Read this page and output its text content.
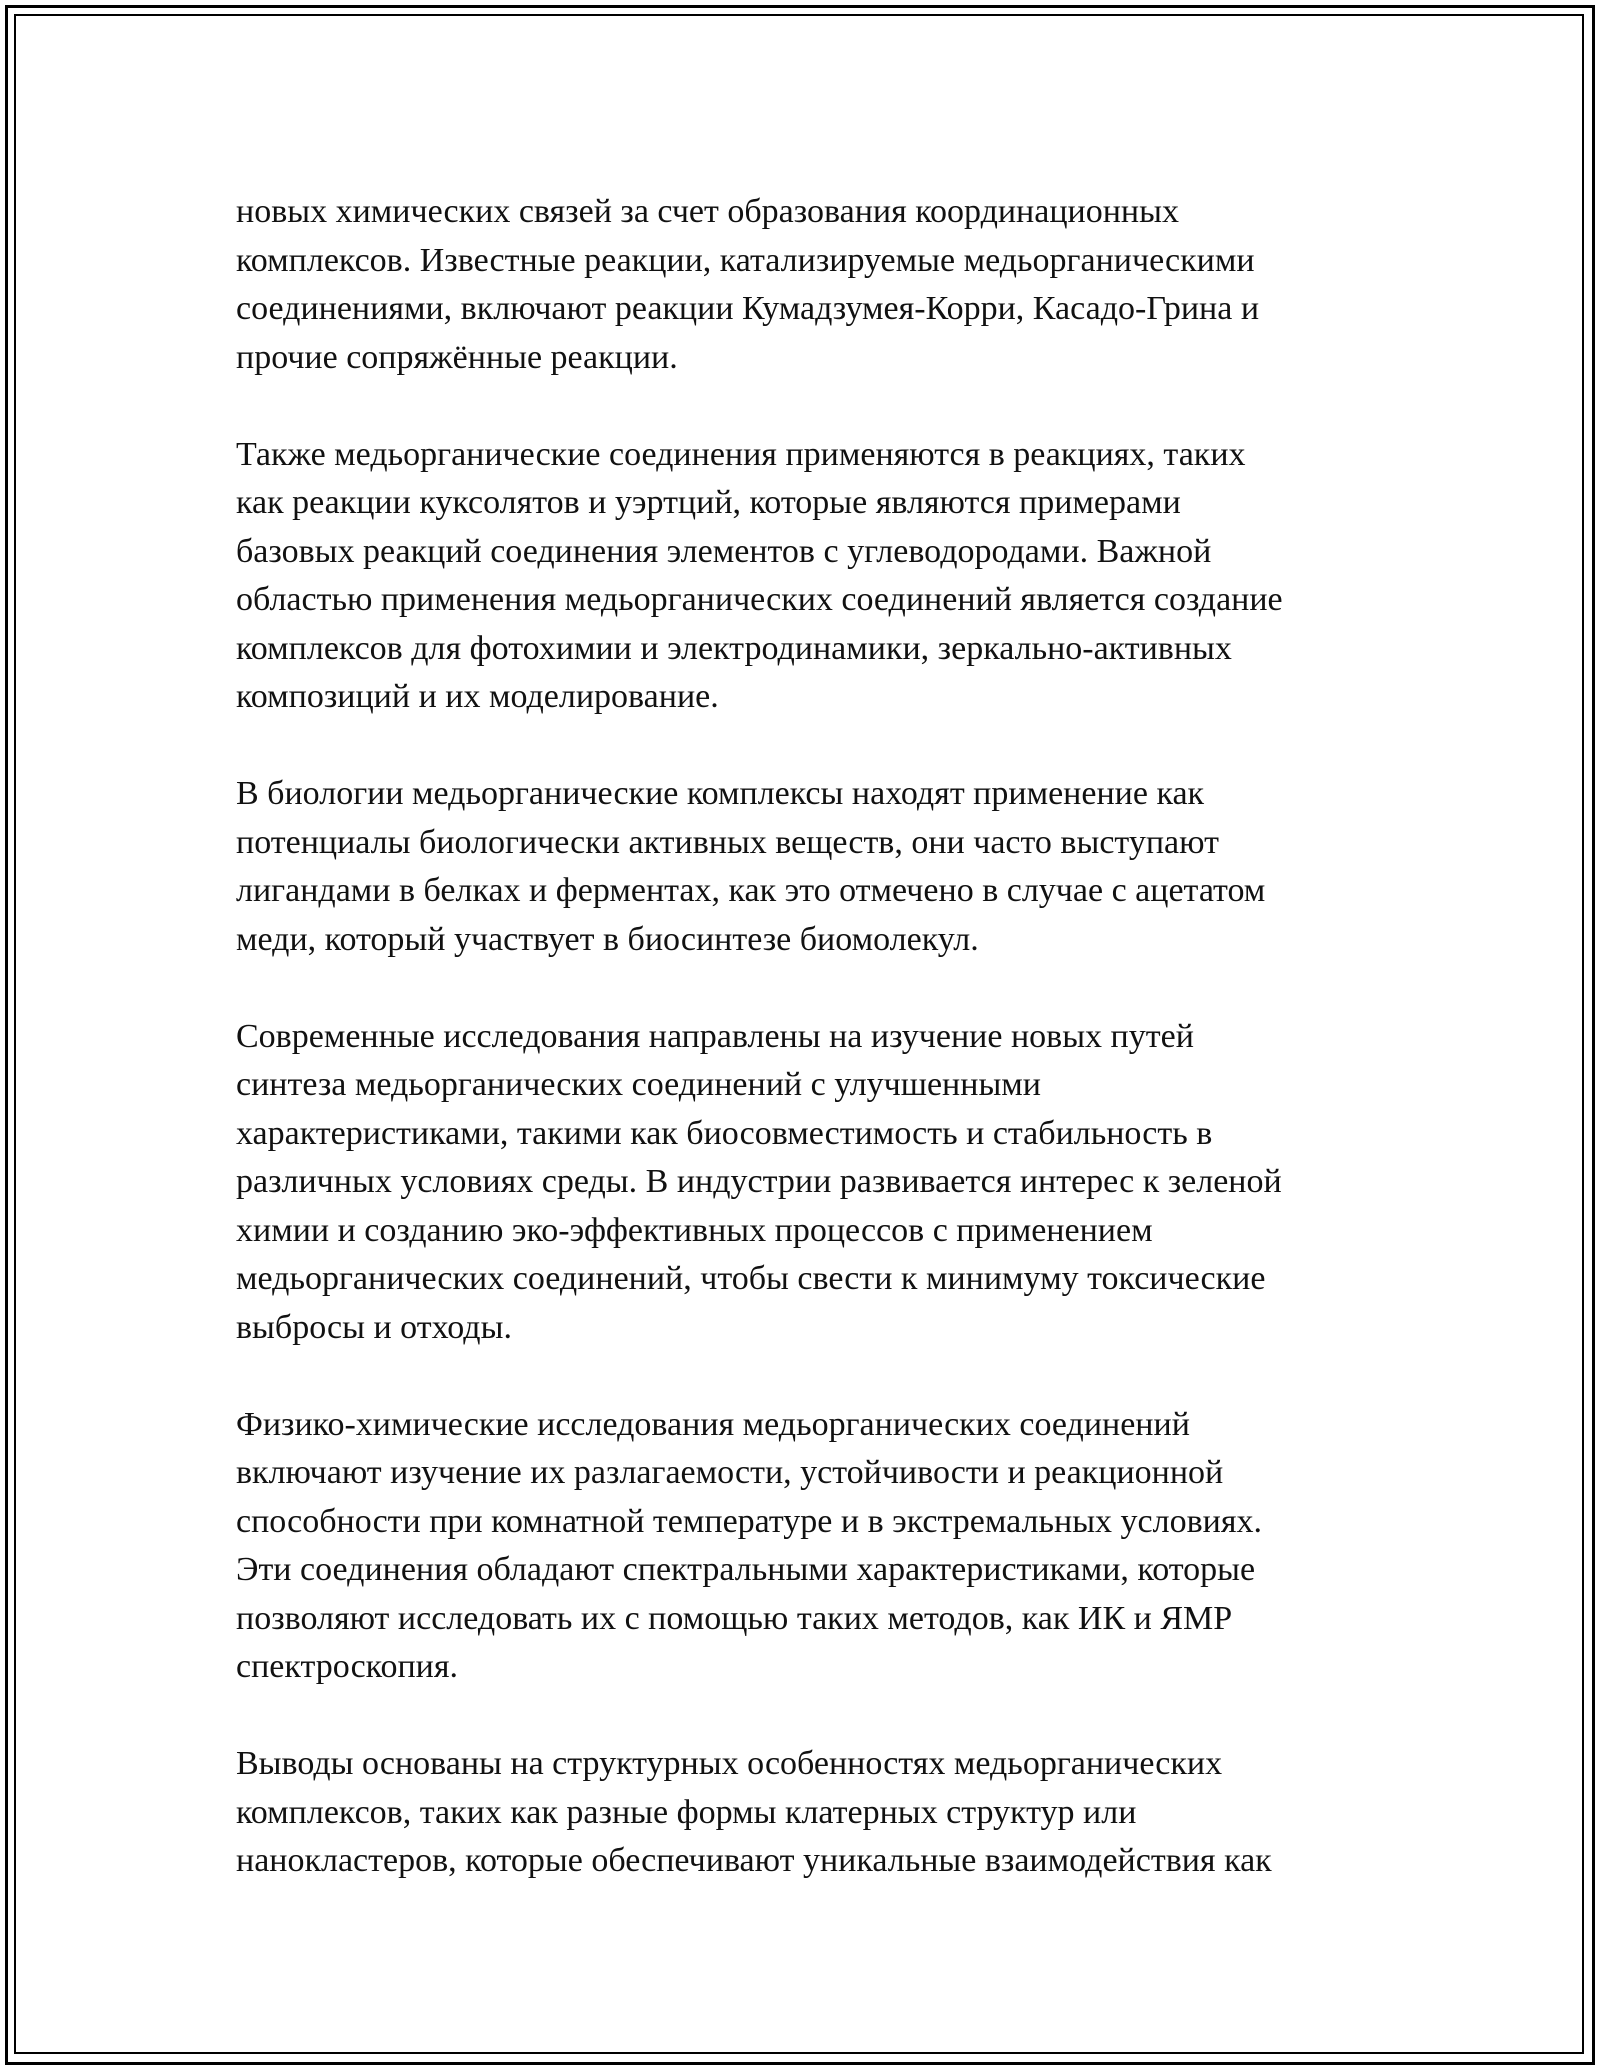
новых химических связей за счет образования координационных
комплексов. Известные реакции, катализируемые медьорганическими
соединениями, включают реакции Кумадзумея-Корри, Касадо-Грина и
прочие сопряжённые реакции.

Также медьорганические соединения применяются в реакциях, таких
как реакции куксолятов и уэртций, которые являются примерами
базовых реакций соединения элементов с углеводородами. Важной
областью применения медьорганических соединений является создание
комплексов для фотохимии и электродинамики, зеркально-активных
композиций и их моделирование.

В биологии медьорганические комплексы находят применение как
потенциалы биологически активных веществ, они часто выступают
лигандами в белках и ферментах, как это отмечено в случае с ацетатом
меди, который участвует в биосинтезе биомолекул.

Современные исследования направлены на изучение новых путей
синтеза медьорганических соединений с улучшенными
характеристиками, такими как биосовместимость и стабильность в
различных условиях среды. В индустрии развивается интерес к зеленой
химии и созданию эко-эффективных процессов с применением
медьорганических соединений, чтобы свести к минимуму токсические
выбросы и отходы.

Физико-химические исследования медьорганических соединений
включают изучение их разлагаемости, устойчивости и реакционной
способности при комнатной температуре и в экстремальных условиях.
Эти соединения обладают спектральными характеристиками, которые
позволяют исследовать их с помощью таких методов, как ИК и ЯМР
спектроскопия.

Выводы основаны на структурных особенностях медьорганических
комплексов, таких как разные формы клатерных структур или
нанокластеров, которые обеспечивают уникальные взаимодействия как
